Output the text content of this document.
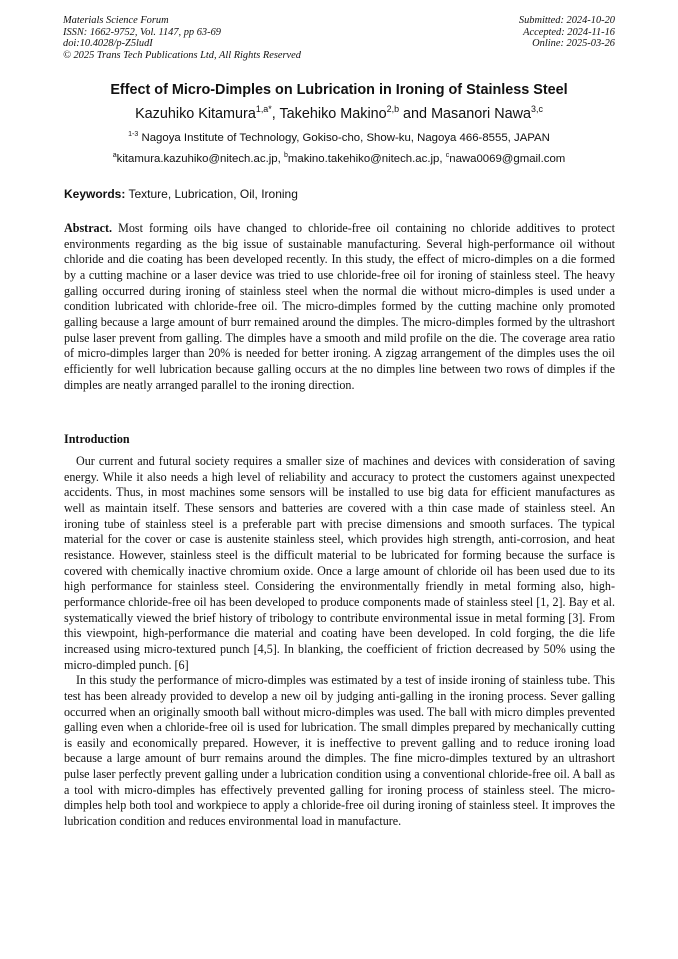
Materials Science Forum
ISSN: 1662-9752, Vol. 1147, pp 63-69
doi:10.4028/p-Z5ludI
© 2025 Trans Tech Publications Ltd, All Rights Reserved
Submitted: 2024-10-20
Accepted: 2024-11-16
Online: 2025-03-26
Effect of Micro-Dimples on Lubrication in Ironing of Stainless Steel
Kazuhiko Kitamura$^{1,a*}$, Takehiko Makino$^{2,b}$ and Masanori Nawa$^{3,c}$
$^{1-3}$ Nagoya Institute of Technology, Gokiso-cho, Show-ku, Nagoya 466-8555, JAPAN
$^a$kitamura.kazuhiko@nitech.ac.jp, $^b$makino.takehiko@nitech.ac.jp, $^c$nawa0069@gmail.com
Keywords: Texture, Lubrication, Oil, Ironing

Abstract. Most forming oils have changed to chloride-free oil containing no chloride additives to protect environments regarding as the big issue of sustainable manufacturing. Several high-performance oil without chloride and die coating has been developed recently. In this study, the effect of micro-dimples on a die formed by a cutting machine or a laser device was tried to use chloride-free oil for ironing of stainless steel. The heavy galling occurred during ironing of stainless steel when the normal die without micro-dimples is used under a condition lubricated with chloride-free oil. The micro-dimples formed by the cutting machine only promoted galling because a large amount of burr remained around the dimples. The micro-dimples formed by the ultrashort pulse laser prevent from galling. The dimples have a smooth and mild profile on the die. The coverage area ratio of micro-dimples larger than 20% is needed for better ironing. A zigzag arrangement of the dimples uses the oil efficiently for well lubrication because galling occurs at the no dimples line between two rows of dimples if the dimples are neatly arranged parallel to the ironing direction.

Introduction

Our current and futural society requires a smaller size of machines and devices with consideration of saving energy. While it also needs a high level of reliability and accuracy to protect the customers against unexpected accidents. Thus, in most machines some sensors will be installed to use big data for efficient manufactures as well as maintain itself. These sensors and batteries are covered with a thin case made of stainless steel. An ironing tube of stainless steel is a preferable part with precise dimensions and smooth surfaces. The typical material for the cover or case is austenite stainless steel, which provides high strength, anti-corrosion, and heat resistance. However, stainless steel is the difficult material to be lubricated for forming because the surface is covered with chemically inactive chromium oxide. Once a large amount of chloride oil has been used due to its high performance for stainless steel. Considering the environmentally friendly in metal forming also, high-performance chloride-free oil has been developed to produce components made of stainless steel [1, 2]. Bay et al. systematically viewed the brief history of tribology to contribute environmental issue in metal forming [3]. From this viewpoint, high-performance die material and coating have been developed. In cold forging, the die life increased using micro-textured punch [4,5]. In blanking, the coefficient of friction decreased by 50% using the micro-dimpled punch. [6]

In this study the performance of micro-dimples was estimated by a test of inside ironing of stainless tube. This test has been already provided to develop a new oil by judging anti-galling in the ironing process. Sever galling occurred when an originally smooth ball without micro-dimples was used. The ball with micro dimples prevented galling even when a chloride-free oil is used for lubrication. The small dimples prepared by mechanically cutting is easily and economically prepared. However, it is ineffective to prevent galling and to reduce ironing load because a large amount of burr remains around the dimples. The fine micro-dimples textured by an ultrashort pulse laser perfectly prevent galling under a lubrication condition using a conventional chloride-free oil. A ball as a tool with micro-dimples has effectively prevented galling for ironing process of stainless steel. The micro-dimples help both tool and workpiece to apply a chloride-free oil during ironing of stainless steel. It improves the lubrication condition and reduces environmental load in manufacture.
